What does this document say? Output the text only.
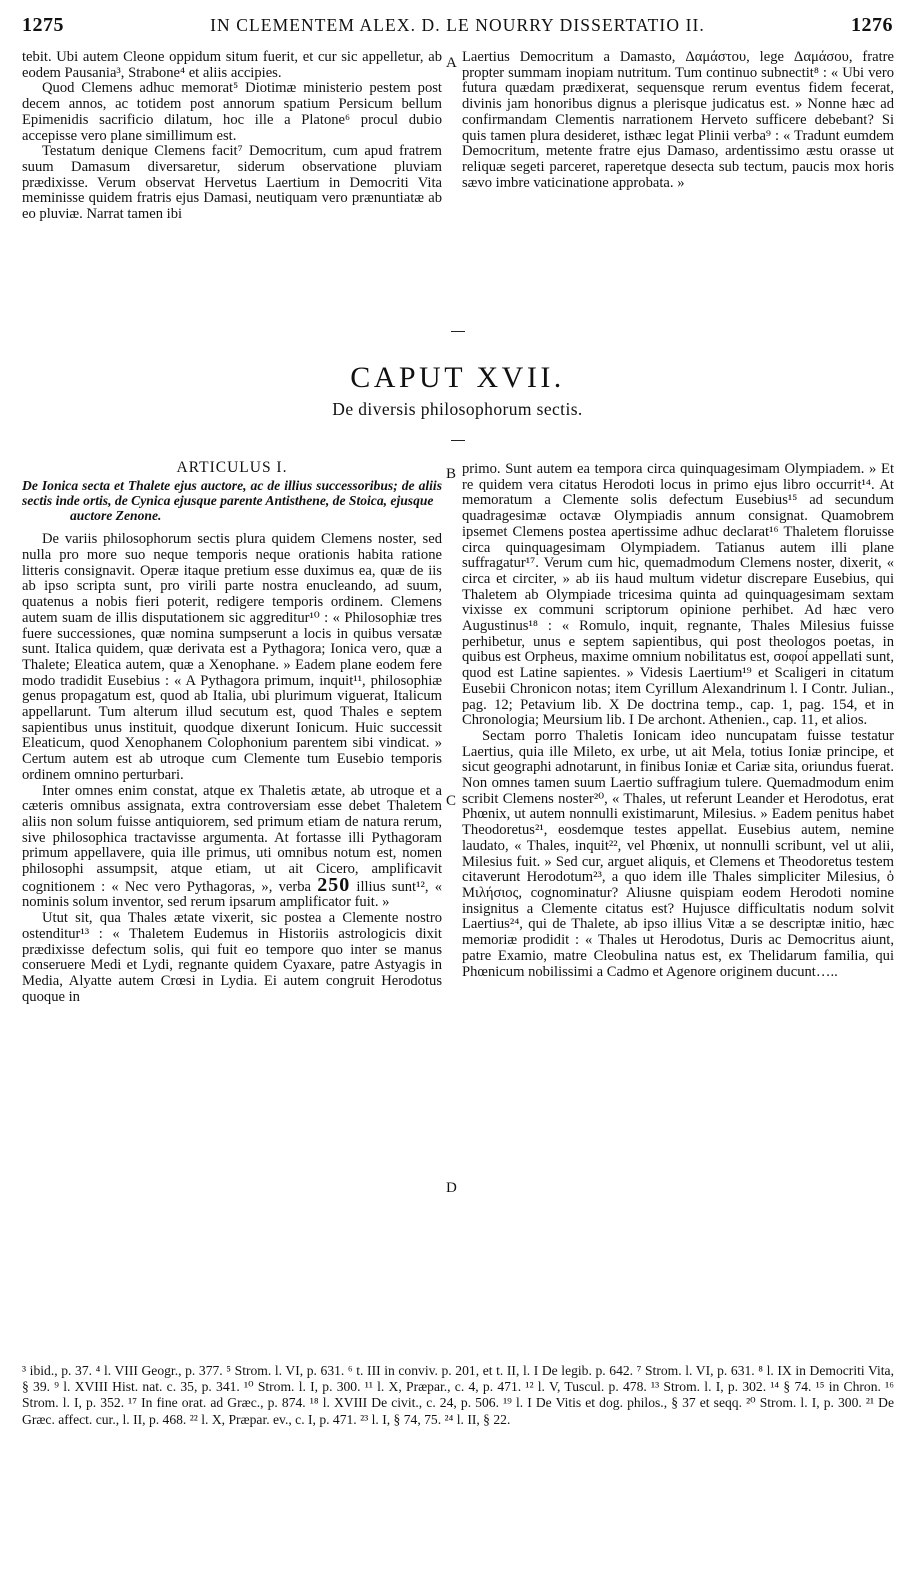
1275	IN CLEMENTEM ALEX. D. LE NOURRY DISSERTATIO II.	1276

tebit. Ubi autem Cleone oppidum situm fuerit, et cur sic appelletur, ab eodem Pausania³, Strabone⁴ et aliis accipies.

Quod Clemens adhuc memorat⁵ Diotimæ ministerio pestem post decem annos, ac totidem post annorum spatium Persicum bellum Epimenidis sacrificio dilatum, hoc ille a Platone⁶ procul dubio accepisse vero plane simillimum est.

Testatum denique Clemens facit⁷ Democritum, cum apud fratrem suum Damasum diversaretur, siderum observatione pluviam prædixisse. Verum observat Hervetus Laertium in Democriti Vita meminisse quidem fratris ejus Damasi, neutiquam vero prænuntiatæ ab eo pluviæ. Narrat tamen ibi

A Laertius Democritum a Damasto, Δαμάστου, lege Δαμάσου, fratre propter summam inopiam nutritum. Tum continuo subnectit⁸ : « Ubi vero futura quædam prædixerat, sequensque rerum eventus fidem fecerat, divinis jam honoribus dignus a plerisque judicatus est. » Nonne hæc ad confirmandam Clementis narrationem Herveto sufficere debebant? Si quis tamen plura desideret, isthæc legat Plinii verba⁹ : « Tradunt eumdem Democritum, metente fratre ejus Damaso, ardentissimo æstu orasse ut reliquæ segeti parceret, raperetque desecta sub tectum, paucis mox horis sævo imbre vaticinatione approbata. »

CAPUT XVII.
De diversis philosophorum sectis.
ARTICULUS I.
De Ionica secta et Thalete ejus auctore, ac de illius successoribus; de aliis sectis inde ortis, de Cynica ejusque parente Antisthene, de Stoica, ejusque
auctore Zenone.

De variis philosophorum sectis plura quidem Clemens noster, sed nulla pro more suo neque temporis neque orationis habita ratione litteris consignavit. Operæ itaque pretium esse duximus ea, quæ de iis ab ipso scripta sunt, pro virili parte nostra enucleando, ad suum, quatenus a nobis fieri poterit, redigere temporis ordinem. Clemens autem suam de illis disputationem sic aggreditur¹⁰ : « Philosophiæ tres fuere successiones, quæ nomina sumpserunt a locis in quibus versatæ sunt. Italica quidem, quæ derivata est a Pythagora; Ionica vero, quæ a Thalete; Eleatica autem, quæ a Xenophane. » Eadem plane eodem fere modo tradidit Eusebius : « A Pythagora primum, inquit¹¹, philosophiæ genus propagatum est, quod ab Italia, ubi plurimum viguerat, Italicum appellarunt. Tum alterum illud secutum est, quod Thales e septem sapientibus unus instituit, quodque dixerunt Ionicum. Huic successit Eleaticum, quod Xenophanem Colophonium parentem sibi vindicat. » Certum autem est ab utroque cum Clemente tum Eusebio temporis ordinem omnino perturbari.

Inter omnes enim constat, atque ex Thaletis ætate, ab utroque et a cæteris omnibus assignata, extra controversiam esse debet Thaletem aliis non solum fuisse antiquiorem, sed primum etiam de natura rerum, sive philosophica tractavisse argumenta. At fortasse illi Pythagoram primum appellavere, quia ille primus, uti omnibus notum est, nomen philosophi assumpsit, atque etiam, ut ait Cicero, amplificavit cognitionem : « Nec vero Pythagoras, », verba 250 illius sunt¹², « nominis solum inventor, sed rerum ipsarum amplificator fuit. »

Utut sit, qua Thales ætate vixerit, sic postea a Clemente nostro ostenditur¹³ : « Thaletem Eudemus in Historiis astrologicis dixit prædixisse defectum solis, qui fuit eo tempore quo inter se manus conseruere Medi et Lydi, regnante quidem Cyaxare, patre Astyagis in Media, Alyatte autem Crœsi in Lydia. Ei autem congruit Herodotus quoque in

B
C
D

primo. Sunt autem ea tempora circa quinquagesimam Olympiadem. » Et re quidem vera citatus Herodoti locus in primo ejus libro occurrit¹⁴. At memoratum a Clemente solis defectum Eusebius¹⁵ ad secundum quadragesimæ octavæ Olympiadis annum consignat. Quamobrem ipsemet Clemens postea apertissime adhuc declarat¹⁶ Thaletem floruisse circa quinquagesimam Olympiadem. Tatianus autem illi plane suffragatur¹⁷. Verum cum hic, quemadmodum Clemens noster, dixerit, « circa et circiter, » ab iis haud multum videtur discrepare Eusebius, qui Thaletem ab Olympiade tricesima quinta ad quinquagesimam sextam vixisse ex communi scriptorum opinione perhibet. Ad hæc vero Augustinus¹⁸ : « Romulo, inquit, regnante, Thales Milesius fuisse perhibetur, unus e septem sapientibus, qui post theologos poetas, in quibus est Orpheus, maxime omnium nobilitatus est, σοφοί appellati sunt, quod est Latine sapientes. » Videsis Laertium¹⁹ et Scaligeri in citatum Eusebii Chronicon notas; item Cyrillum Alexandrinum l. I Contr. Julian., pag. 12; Petavium lib. X De doctrina temp., cap. 1, pag. 154, et in Chronologia; Meursium lib. I De archont. Athenien., cap. 11, et alios.

Sectam porro Thaletis Ionicam ideo nuncupatam fuisse testatur Laertius, quia ille Mileto, ex urbe, ut ait Mela, totius Ioniæ principe, et sicut geographi adnotarunt, in finibus Ioniæ et Cariæ sita, oriundus fuerat. Non omnes tamen suum Laertio suffragium tulere. Quemadmodum enim scribit Clemens noster²⁰, « Thales, ut referunt Leander et Herodotus, erat Phœnix, ut autem nonnulli existimarunt, Milesius. » Eadem penitus habet Theodoretus²¹, eosdemque testes appellat. Eusebius autem, nemine laudato, « Thales, inquit²², vel Phœnix, ut nonnulli scribunt, vel ut alii, Milesius fuit. » Sed cur, arguet aliquis, et Clemens et Theodoretus testem citaverunt Herodotum²³, a quo idem ille Thales simpliciter Milesius, ὁ Μιλήσιος, cognominatur? Aliusne quispiam eodem Herodoti nomine insignitus a Clemente citatus est? Hujusce difficultatis nodum solvit Laertius²⁴, qui de Thalete, ab ipso illius Vitæ a se descriptæ initio, hæc memoriæ prodidit : « Thales ut Herodotus, Duris ac Democritus aiunt, patre Examio, matre Cleobulina natus est, ex Thelidarum familia, qui Phœnicum nobilissimi a Cadmo et Agenore originem ducunt…..

³ ibid., p. 37. ⁴ l. VIII Geogr., p. 377. ⁵ Strom. l. VI, p. 631. ⁶ t. III in conviv. p. 201, et t. II, l. I De legib. p. 642. ⁷ Strom. l. VI, p. 631. ⁸ l. IX in Democriti Vita, § 39. ⁹ l. XVIII Hist. nat. c. 35, p. 341. ¹⁰ Strom. l. I, p. 300. ¹¹ l. X, Præpar., c. 4, p. 471. ¹² l. V, Tuscul. p. 478. ¹³ Strom. l. I, p. 302. ¹⁴ § 74. ¹⁵ in Chron. ¹⁶ Strom. l. I, p. 352. ¹⁷ In fine orat. ad Græc., p. 874. ¹⁸ l. XVIII De civit., c. 24, p. 506. ¹⁹ l. I De Vitis et dog. philos., § 37 et seqq. ²⁰ Strom. l. I, p. 300. ²¹ De Græc. affect. cur., l. II, p. 468. ²² l. X, Præpar. ev., c. I, p. 471. ²³ l. I, § 74, 75. ²⁴ l. II, § 22.
